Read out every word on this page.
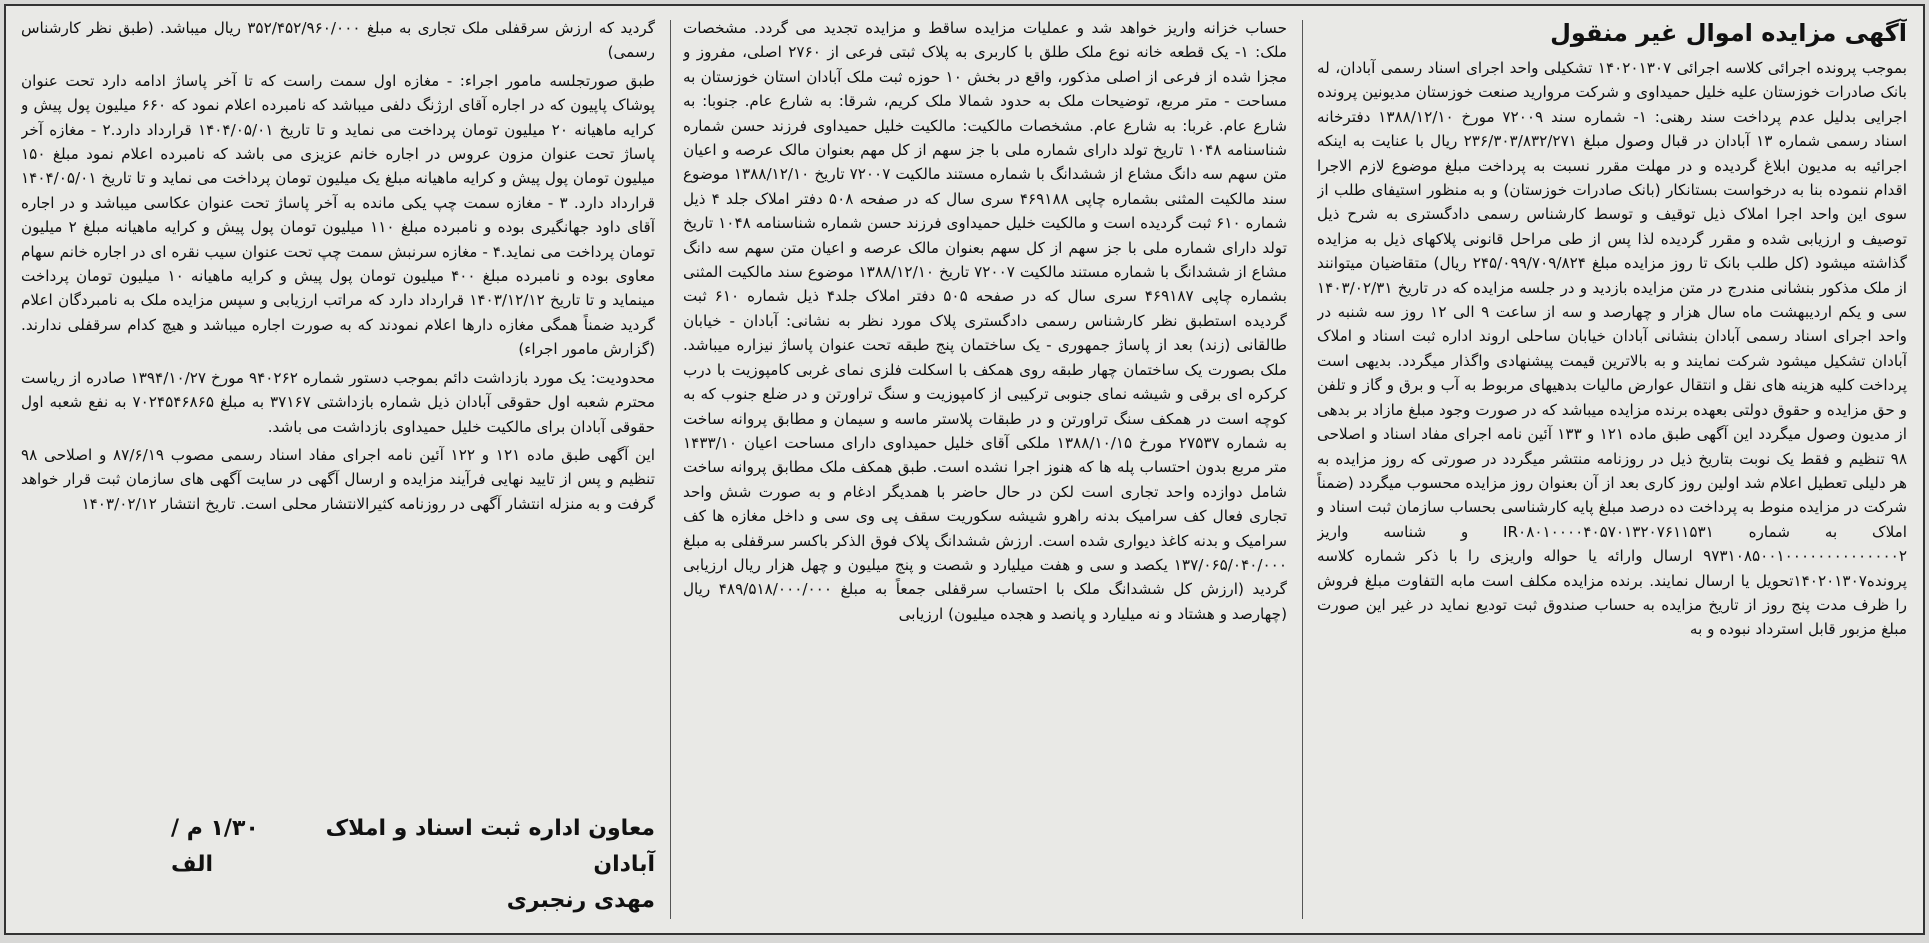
آگهی مزایده اموال غیر منقول

بموجب پرونده اجرائی کلاسه اجرائی ۱۴۰۲۰۱۳۰۷ تشکیلی واحد اجرای اسناد رسمی آبادان، له بانک صادرات خوزستان علیه خلیل حمیداوی و شرکت مروارید صنعت خوزستان مدیونین پرونده اجرایی بدلیل عدم پرداخت سند رهنی: ۱- شماره سند ۷۲۰۰۹ مورخ ۱۳۸۸/۱۲/۱۰ دفترخانه اسناد رسمی شماره ۱۳ آبادان در قبال وصول مبلغ ۲۳۶/۳۰۳/۸۳۲/۲۷۱ ریال با عنایت به اینکه اجرائیه به مدیون ابلاغ گردیده و در مهلت مقرر نسبت به پرداخت مبلغ موضوع لازم الاجرا اقدام ننموده بنا به درخواست بستانکار (بانک صادرات خوزستان) و به منظور استیفای طلب از سوی این واحد اجرا املاک ذیل توقیف و توسط کارشناس رسمی دادگستری به شرح ذیل توصیف و ارزیابی شده و مقرر گردیده لذا پس از طی مراحل قانونی پلاکهای ذیل به مزایده گذاشته میشود (کل طلب بانک تا روز مزایده مبلغ ۲۴۵/۰۹۹/۷۰۹/۸۲۴ ریال) متقاضیان میتوانند از ملک مذکور بنشانی مندرج در متن مزایده بازدید و در جلسه مزایده که در تاریخ ۱۴۰۳/۰۲/۳۱ سی و یکم اردیبهشت ماه سال هزار و چهارصد و سه از ساعت ۹ الی ۱۲ روز سه شنبه در واحد اجرای اسناد رسمی آبادان بنشانی آبادان خیابان ساحلی اروند اداره ثبت اسناد و املاک آبادان تشکیل میشود شرکت نمایند و به بالاترین قیمت پیشنهادی واگذار میگردد. بدیهی است پرداخت کلیه هزینه های نقل و انتقال عوارض مالیات بدهیهای مربوط به آب و برق و گاز و تلفن و حق مزایده و حقوق دولتی بعهده برنده مزایده میباشد که در صورت وجود مبلغ مازاد بر بدهی از مدیون وصول میگردد این آگهی طبق ماده ۱۲۱ و ۱۳۳ آئین نامه اجرای مفاد اسناد و اصلاحی ۹۸ تنظیم و فقط یک نوبت بتاریخ ذیل در روزنامه منتشر میگردد در صورتی که روز مزایده به هر دلیلی تعطیل اعلام شد اولین روز کاری بعد از آن بعنوان روز مزایده محسوب میگردد (ضمناً شرکت در مزایده منوط به پرداخت ده درصد مبلغ پایه کارشناسی بحساب سازمان ثبت اسناد و املاک به شماره IR۰۸۰۱۰۰۰۰۴۰۵۷۰۱۳۲۰۷۶۱۱۵۳۱ و شناسه واریز ۹۷۳۱۰۸۵۰۰۱۰۰۰۰۰۰۰۰۰۰۰۰۰۰۲ ارسال وارائه یا حواله واریزی را با ذکر شماره کلاسه پرونده۱۴۰۲۰۱۳۰۷تحویل یا ارسال نمایند. برنده مزایده مکلف است مابه التفاوت مبلغ فروش را ظرف مدت پنج روز از تاریخ مزایده به حساب صندوق ثبت تودیع نماید در غیر این صورت مبلغ مزبور قابل استرداد نبوده و به

حساب خزانه واریز خواهد شد و عملیات مزایده ساقط و مزایده تجدید می گردد. مشخصات ملک: ۱- یک قطعه خانه نوع ملک طلق با کاربری به پلاک ثبتی فرعی از ۲۷۶۰ اصلی، مفروز و مجزا شده از فرعی از اصلی مذکور، واقع در بخش ۱۰ حوزه ثبت ملک آبادان استان خوزستان به مساحت - متر مربع، توضیحات ملک به حدود شمالا ملک کریم، شرقا: به شارع عام. جنوبا: به شارع عام. غربا: به شارع عام. مشخصات مالکیت: مالکیت خلیل حمیداوی فرزند حسن شماره شناسنامه ۱۰۴۸ تاریخ تولد دارای شماره ملی با جز سهم از کل مهم بعنوان مالک عرصه و اعیان متن سهم سه دانگ مشاع از ششدانگ با شماره مستند مالکیت ۷۲۰۰۷ تاریخ ۱۳۸۸/۱۲/۱۰ موضوع سند مالکیت المثنی بشماره چاپی ۴۶۹۱۸۸ سری سال که در صفحه ۵۰۸ دفتر املاک جلد ۴ ذیل شماره ۶۱۰ ثبت گردیده است و مالکیت خلیل حمیداوی فرزند حسن شماره شناسنامه ۱۰۴۸ تاریخ تولد دارای شماره ملی با جز سهم از کل سهم بعنوان مالک عرصه و اعیان متن سهم سه دانگ مشاع از ششدانگ با شماره مستند مالکیت ۷۲۰۰۷ تاریخ ۱۳۸۸/۱۲/۱۰ موضوع سند مالکیت المثنی بشماره چاپی ۴۶۹۱۸۷ سری سال که در صفحه ۵۰۵ دفتر املاک جلد۴ ذیل شماره ۶۱۰ ثبت گردیده استطبق نظر کارشناس رسمی دادگستری پلاک مورد نظر به نشانی: آبادان - خیابان طالقانی (زند) بعد از پاساژ جمهوری - یک ساختمان پنج طبقه تحت عنوان پاساژ نیزاره میباشد. ملک بصورت یک ساختمان چهار طبقه روی همکف با اسکلت فلزی نمای غربی کامپوزیت با درب کرکره ای برقی و شیشه نمای جنوبی ترکیبی از کامپوزیت و سنگ تراورتن و در ضلع جنوب که به کوچه است در همکف سنگ تراورتن و در طبقات پلاستر ماسه و سیمان و مطابق پروانه ساخت به شماره ۲۷۵۳۷ مورخ ۱۳۸۸/۱۰/۱۵ ملکی آقای خلیل حمیداوی دارای مساحت اعیان ۱۴۳۳/۱۰ متر مربع بدون احتساب پله ها که هنوز اجرا نشده است. طبق همکف ملک مطابق پروانه ساخت شامل دوازده واحد تجاری است لکن در حال حاضر با همدیگر ادغام و به صورت شش واحد تجاری فعال کف سرامیک بدنه راهرو شیشه سکوریت سقف پی وی سی و داخل مغازه ها کف سرامیک و بدنه کاغذ دیواری شده است. ارزش ششدانگ پلاک فوق الذکر باکسر سرقفلی به مبلغ ۱۳۷/۰۶۵/۰۴۰/۰۰۰ یکصد و سی و هفت میلیارد و شصت و پنج میلیون و چهل هزار ریال ارزیابی گردید (ارزش کل ششدانگ ملک با احتساب سرقفلی جمعاً به مبلغ ۴۸۹/۵۱۸/۰۰۰/۰۰۰ ریال (چهارصد و هشتاد و نه میلیارد و پانصد و هجده میلیون) ارزیابی

گردید که ارزش سرقفلی ملک تجاری به مبلغ ۳۵۲/۴۵۲/۹۶۰/۰۰۰ ریال میباشد. (طبق نظر کارشناس رسمی)

طبق صورتجلسه مامور اجراء: - مغازه اول سمت راست که تا آخر پاساژ ادامه دارد تحت عنوان پوشاک پاپیون که در اجاره آقای ارژنگ دلفی میباشد که نامبرده اعلام نمود که ۶۶۰ میلیون پول پیش و کرایه ماهیانه ۲۰ میلیون تومان پرداخت می نماید و تا تاریخ ۱۴۰۴/۰۵/۰۱ قرارداد دارد.۲ - مغازه آخر پاساژ تحت عنوان مزون عروس در اجاره خانم عزیزی می باشد که نامبرده اعلام نمود مبلغ ۱۵۰ میلیون تومان پول پیش و کرایه ماهیانه مبلغ یک میلیون تومان پرداخت می نماید و تا تاریخ ۱۴۰۴/۰۵/۰۱ قرارداد دارد. ۳ - مغازه سمت چپ یکی مانده به آخر پاساژ تحت عنوان عکاسی میباشد و در اجاره آقای داود جهانگیری بوده و نامبرده مبلغ ۱۱۰ میلیون تومان پول پیش و کرایه ماهیانه مبلغ ۲ میلیون تومان پرداخت می نماید.۴ - مغازه سرنبش سمت چپ تحت عنوان سیب نقره ای در اجاره خانم سهام معاوی بوده و نامبرده مبلغ ۴۰۰ میلیون تومان پول پیش و کرایه ماهیانه ۱۰ میلیون تومان پرداخت مینماید و تا تاریخ ۱۴۰۳/۱۲/۱۲ قرارداد دارد که مراتب ارزیابی و سپس مزایده ملک به نامبردگان اعلام گردید ضمناً همگی مغازه دارها اعلام نمودند که به صورت اجاره میباشد و هیچ کدام سرقفلی ندارند.(گزارش مامور اجراء)

محدودیت: یک مورد بازداشت دائم بموجب دستور شماره ۹۴۰۲۶۲ مورخ ۱۳۹۴/۱۰/۲۷ صادره از ریاست محترم شعبه اول حقوقی آبادان ذیل شماره بازداشتی ۳۷۱۶۷ به مبلغ ۷۰۲۴۵۴۶۸۶۵ به نفع شعبه اول حقوقی آبادان برای مالکیت خلیل حمیداوی بازداشت می باشد.

این آگهی طبق ماده ۱۲۱ و ۱۲۲ آئین نامه اجرای مفاد اسناد رسمی مصوب ۸۷/۶/۱۹ و اصلاحی ۹۸ تنظیم و پس از تایید نهایی فرآیند مزایده و ارسال آگهی در سایت آگهی های سازمان ثبت قرار خواهد گرفت و به منزله انتشار آگهی در روزنامه کثیرالانتشار محلی است. تاریخ انتشار ۱۴۰۳/۰۲/۱۲

معاون اداره ثبت اسناد و املاک آبادان
۱/۳۰ م /الف
مهدی رنجبری
